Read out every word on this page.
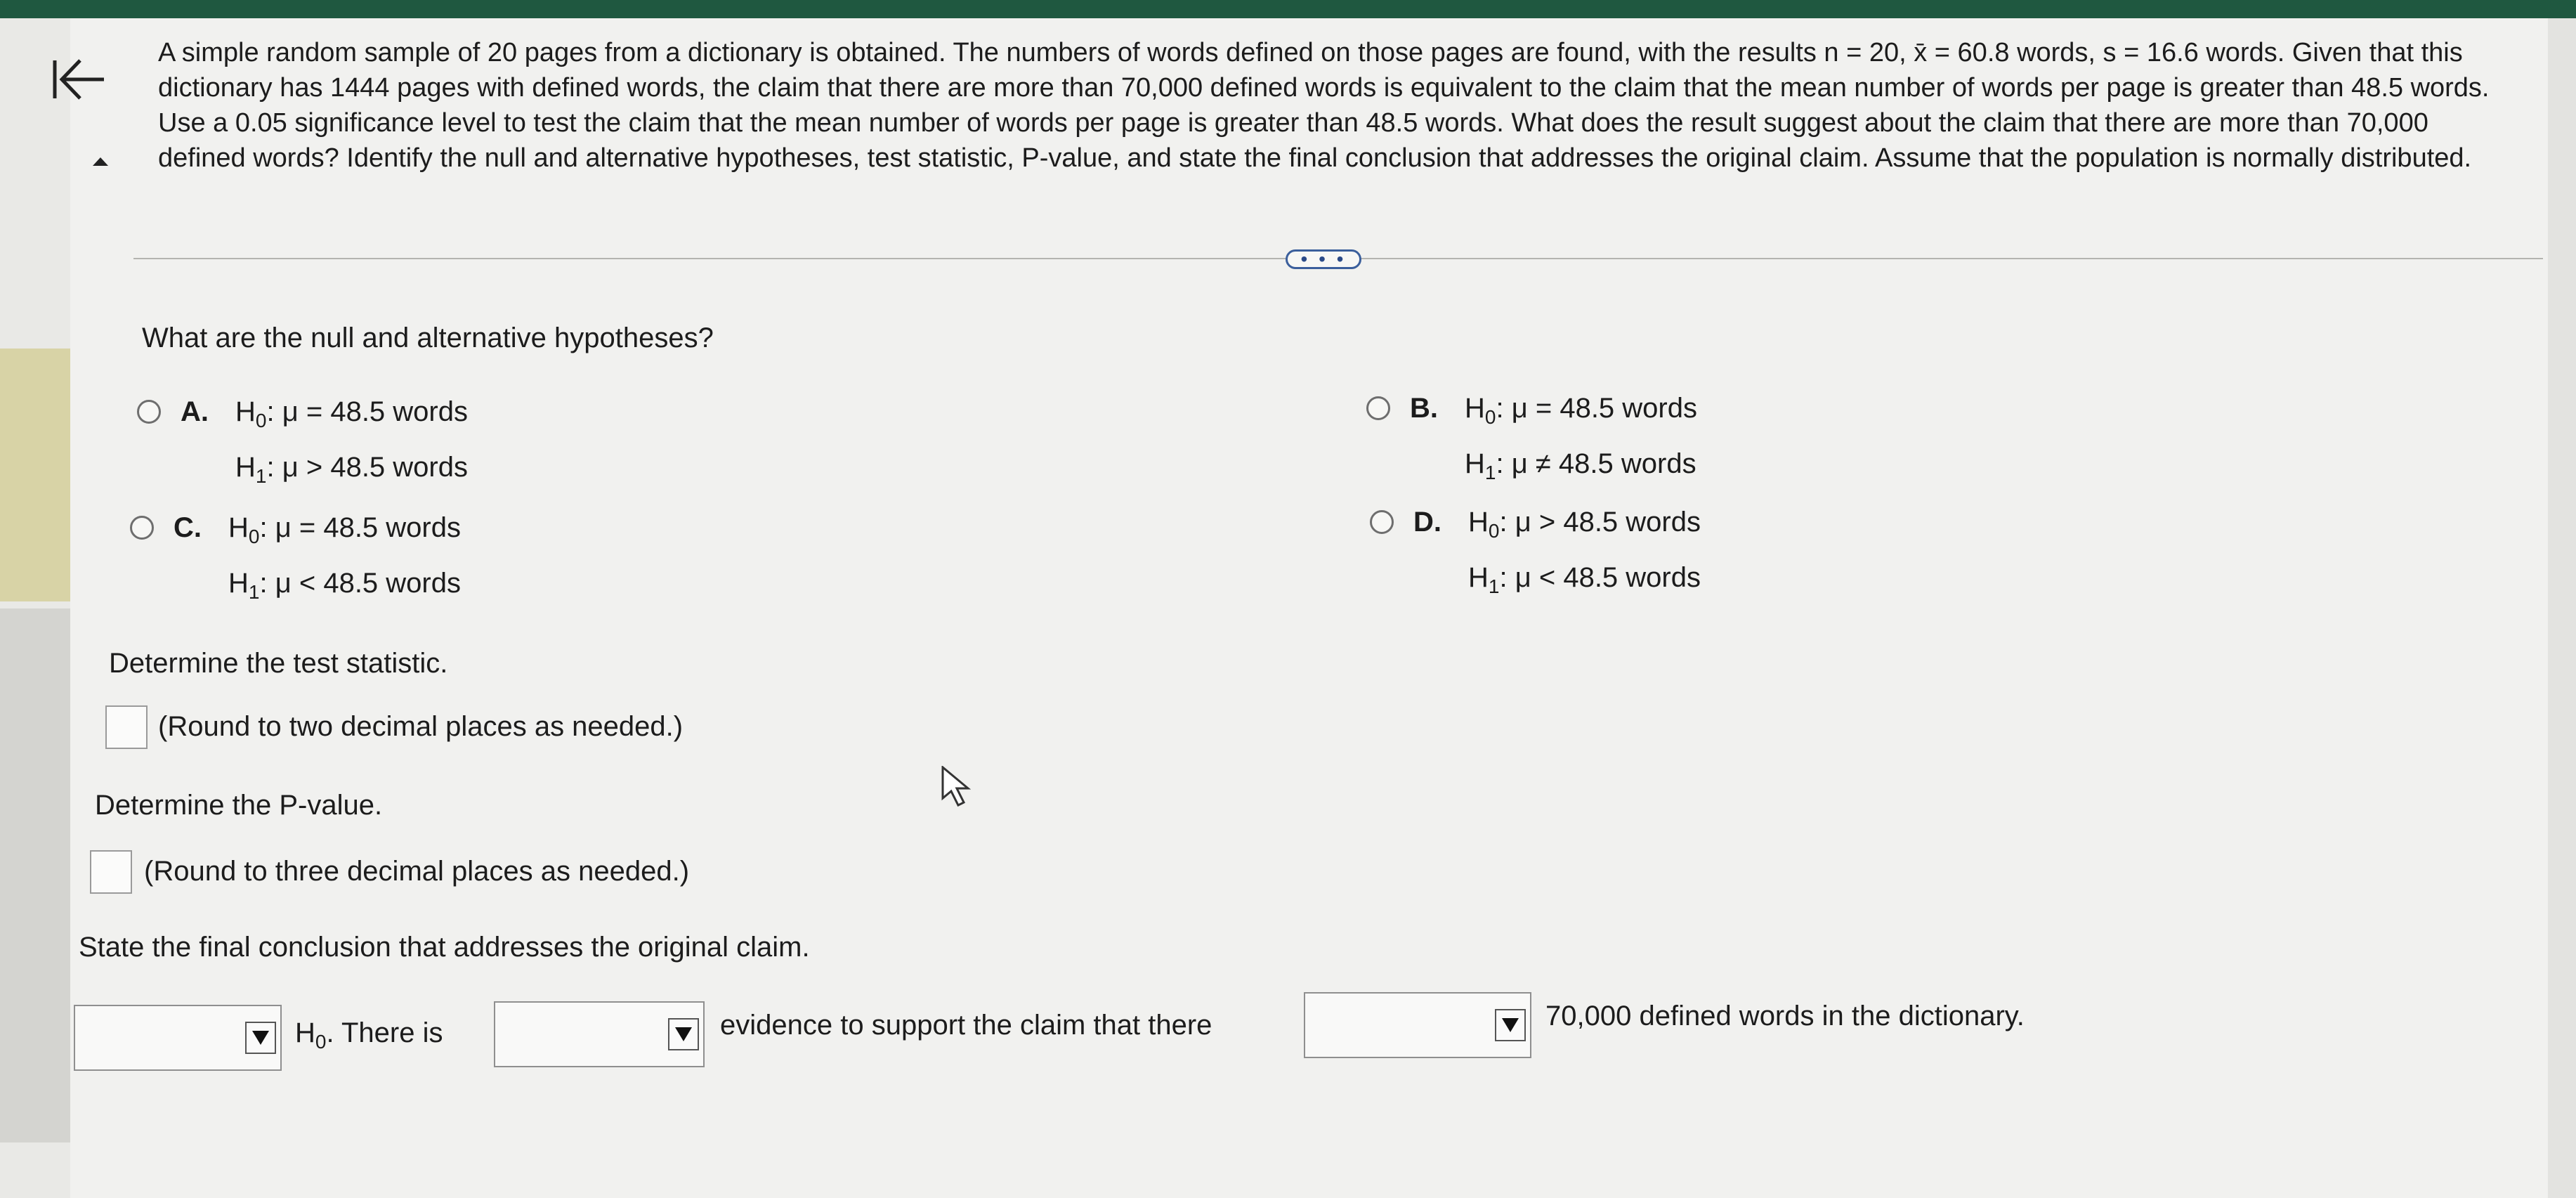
A simple random sample of 20 pages from a dictionary is obtained. The numbers of words defined on those pages are found, with the results n = 20, x̄ = 60.8 words, s = 16.6 words. Given that this dictionary has 1444 pages with defined words, the claim that there are more than 70,000 defined words is equivalent to the claim that the mean number of words per page is greater than 48.5 words. Use a 0.05 significance level to test the claim that the mean number of words per page is greater than 48.5 words. What does the result suggest about the claim that there are more than 70,000 defined words? Identify the null and alternative hypotheses, test statistic, P-value, and state the final conclusion that addresses the original claim. Assume that the population is normally distributed.
• • •
What are the null and alternative hypotheses?
A. $H_0$: μ = 48.5 words
$H_1$: μ > 48.5 words
B. $H_0$: μ = 48.5 words
$H_1$: μ ≠ 48.5 words
C. $H_0$: μ = 48.5 words
$H_1$: μ < 48.5 words
D. $H_0$: μ > 48.5 words
$H_1$: μ < 48.5 words
Determine the test statistic.
(Round to two decimal places as needed.)
Determine the P-value.
(Round to three decimal places as needed.)
State the final conclusion that addresses the original claim.
$H_0$. There is	evidence to support the claim that there	70,000 defined words in the dictionary.
